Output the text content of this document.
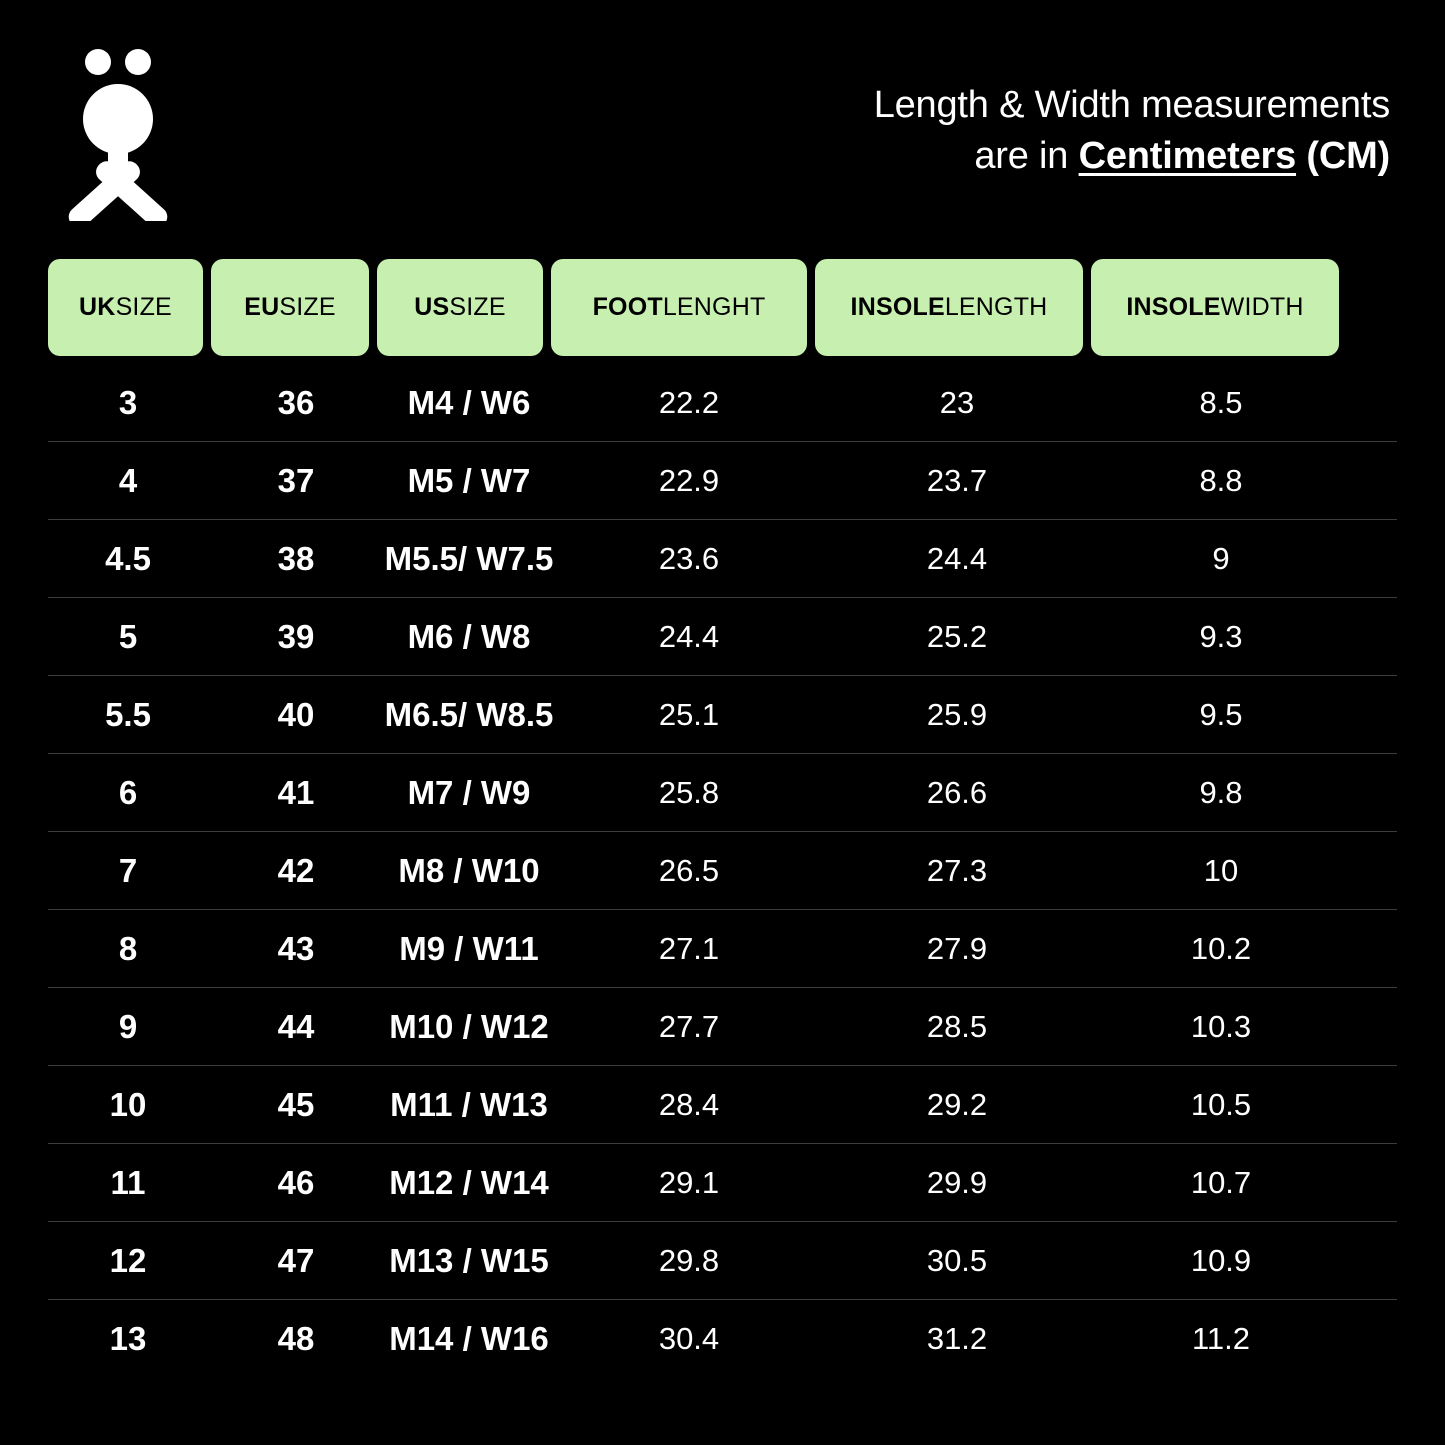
Length & Width measurements
are in Centimeters (CM)
UK SIZE	EU SIZE	US SIZE	FOOT LENGHT	INSOLE LENGTH	INSOLE WIDTH
3	36	M4 / W6	22.2	23	8.5
4	37	M5 / W7	22.9	23.7	8.8
4.5	38	M5.5/ W7.5	23.6	24.4	9
5	39	M6 / W8	24.4	25.2	9.3
5.5	40	M6.5/ W8.5	25.1	25.9	9.5
6	41	M7 / W9	25.8	26.6	9.8
7	42	M8 / W10	26.5	27.3	10
8	43	M9 / W11	27.1	27.9	10.2
9	44	M10 / W12	27.7	28.5	10.3
10	45	M11 / W13	28.4	29.2	10.5
11	46	M12 / W14	29.1	29.9	10.7
12	47	M13 / W15	29.8	30.5	10.9
13	48	M14 / W16	30.4	31.2	11.2
